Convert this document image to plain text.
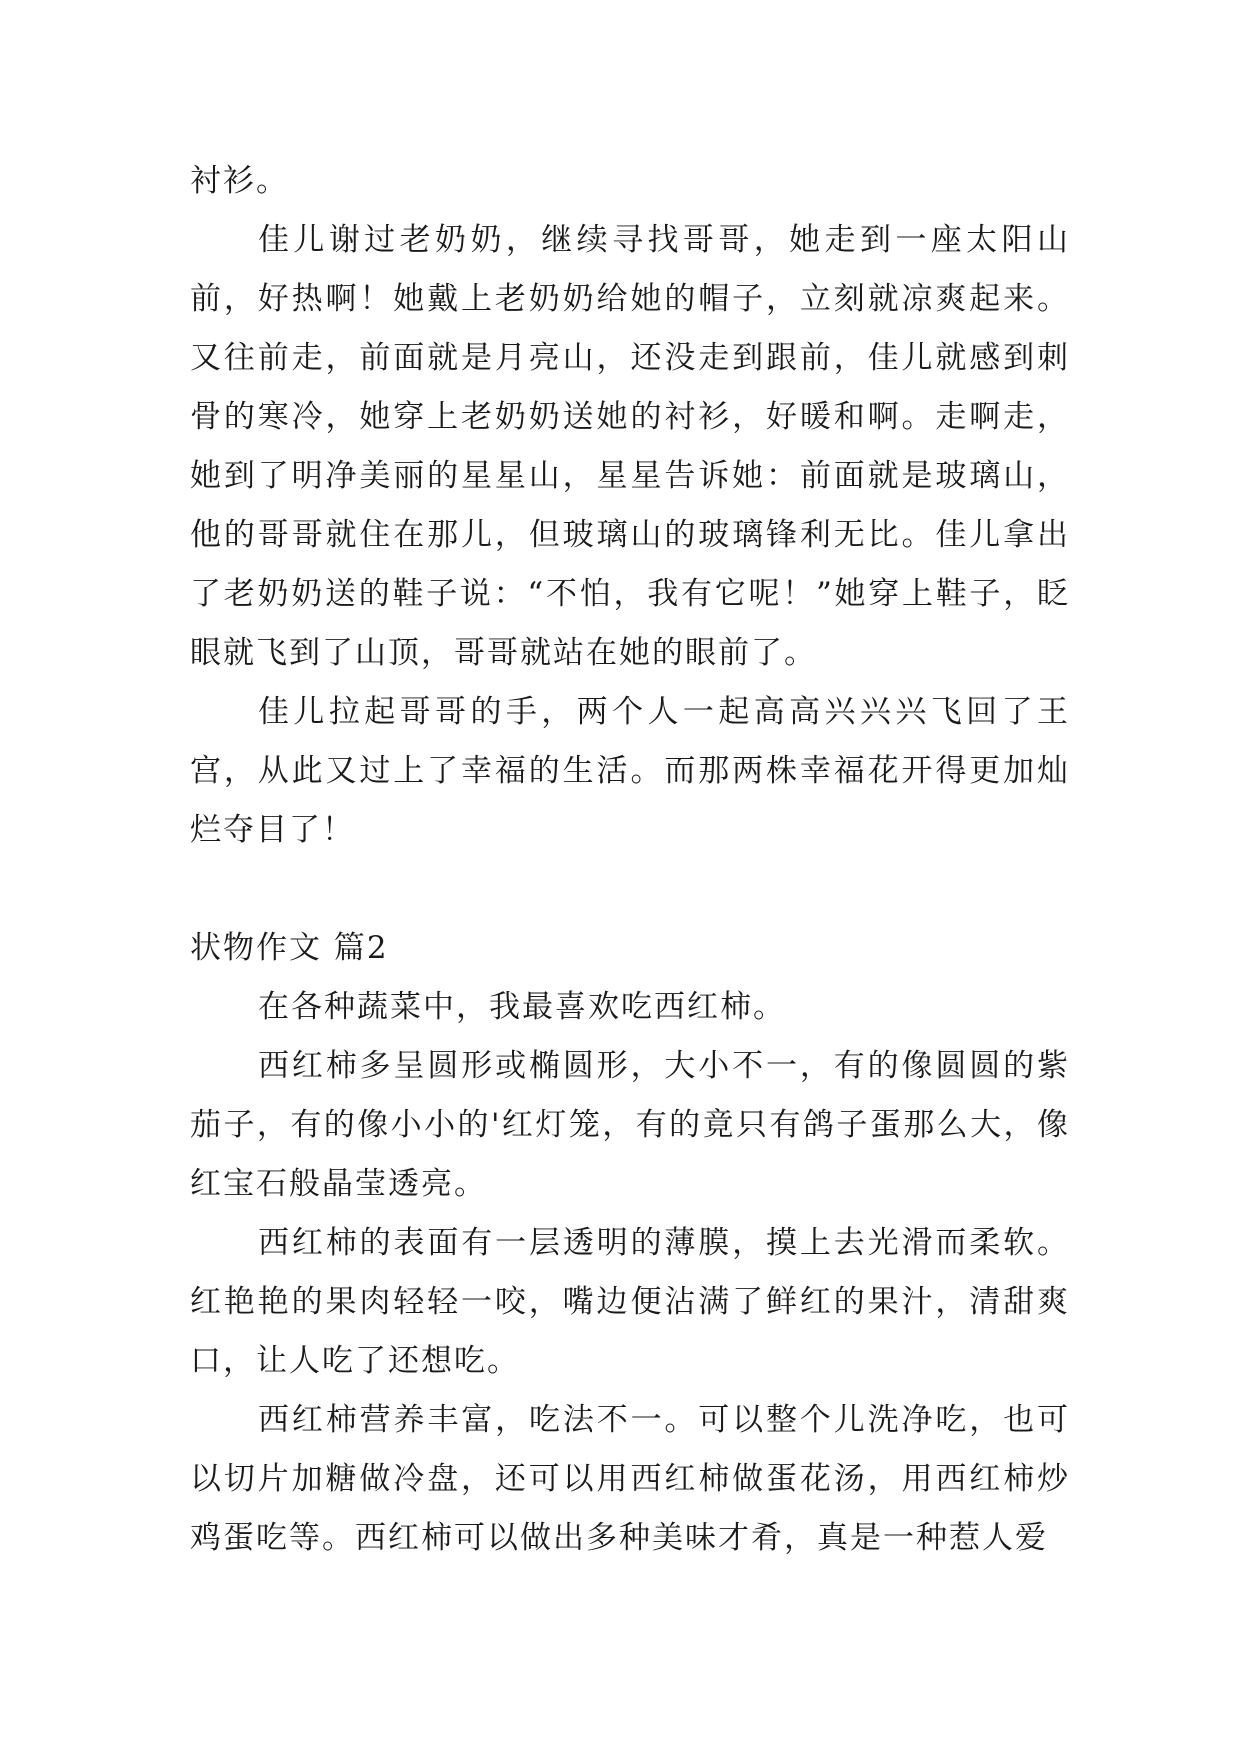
衬衫。

佳儿谢过老奶奶，继续寻找哥哥，她走到一座太阳山前，好热啊！她戴上老奶奶给她的帽子，立刻就凉爽起来。又往前走，前面就是月亮山，还没走到跟前，佳儿就感到刺骨的寒冷，她穿上老奶奶送她的衬衫，好暖和啊。走啊走，她到了明净美丽的星星山，星星告诉她：前面就是玻璃山，他的哥哥就住在那儿，但玻璃山的玻璃锋利无比。佳儿拿出了老奶奶送的鞋子说：“不怕，我有它呢！”她穿上鞋子，眨眼就飞到了山顶，哥哥就站在她的眼前了。

佳儿拉起哥哥的手，两个人一起高高兴兴兴飞回了王宫，从此又过上了幸福的生活。而那两株幸福花开得更加灿烂夺目了！

状物作文 篇2

在各种蔬菜中，我最喜欢吃西红柿。

西红柿多呈圆形或椭圆形，大小不一，有的像圆圆的紫茄子，有的像小小的'红灯笼，有的竟只有鸽子蛋那么大，像红宝石般晶莹透亮。

西红柿的表面有一层透明的薄膜，摸上去光滑而柔软。红艳艳的果肉轻轻一咬，嘴边便沾满了鲜红的果汁，清甜爽口，让人吃了还想吃。

西红柿营养丰富，吃法不一。可以整个儿洗净吃，也可以切片加糖做冷盘，还可以用西红柿做蛋花汤，用西红柿炒鸡蛋吃等。西红柿可以做出多种美味才肴，真是一种惹人爱
